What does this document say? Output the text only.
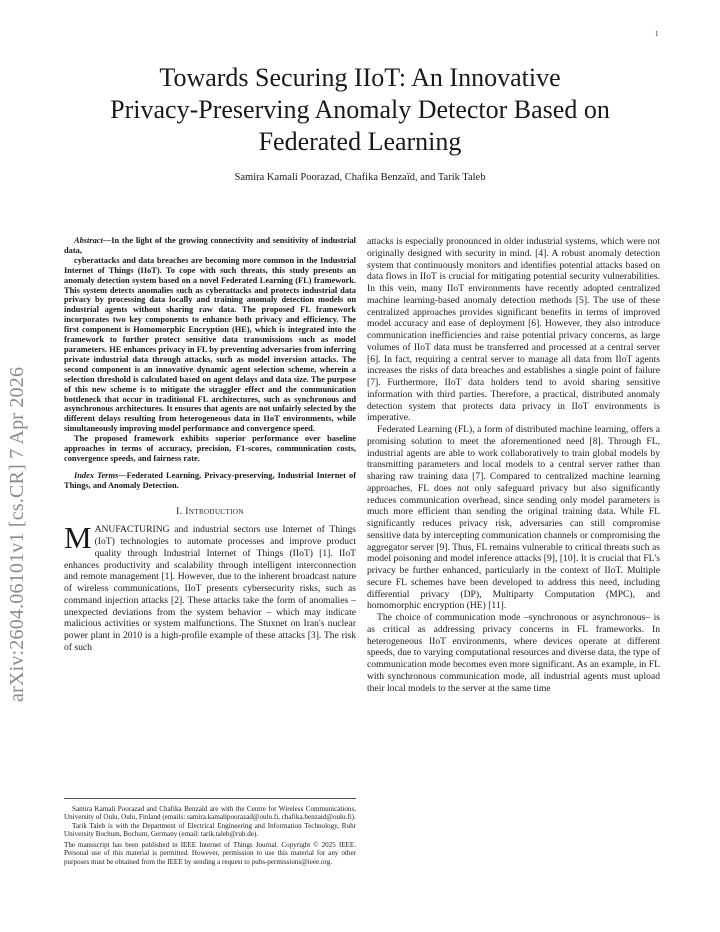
1
arXiv:2604.06101v1 [cs.CR] 7 Apr 2026
Towards Securing IIoT: An Innovative
Privacy-Preserving Anomaly Detector Based on
Federated Learning
Samira Kamali Poorazad, Chafika Benzaïd, and Tarik Taleb

Abstract—In the light of the growing connectivity and sensitivity of industrial data,

cyberattacks and data breaches are becoming more common in the Industrial Internet of Things (IIoT). To cope with such threats, this study presents an anomaly detection system based on a novel Federated Learning (FL) framework. This system detects anomalies such as cyberattacks and protects industrial data privacy by processing data locally and training anomaly detection models on industrial agents without sharing raw data. The proposed FL framework incorporates two key components to enhance both privacy and efficiency. The first component is Homomorphic Encryption (HE), which is integrated into the framework to further protect sensitive data transmissions such as model parameters. HE enhances privacy in FL by preventing adversaries from inferring private industrial data through attacks, such as model inversion attacks. The second component is an innovative dynamic agent selection scheme, wherein a selection threshold is calculated based on agent delays and data size. The purpose of this new scheme is to mitigate the straggler effect and the communication bottleneck that occur in traditional FL architectures, such as synchronous and asynchronous architectures. It ensures that agents are not unfairly selected by the different delays resulting from heterogeneous data in IIoT environments, while simultaneously improving model performance and convergence speed.

The proposed framework exhibits superior performance over baseline approaches in terms of accuracy, precision, F1-scores, communication costs, convergence speeds, and fairness rate.

Index Terms—Federated Learning, Privacy-preserving, Industrial Internet of Things, and Anomaly Detection.
I. Introduction

MANUFACTURING and industrial sectors use Internet of Things (IoT) technologies to automate processes and improve product quality through Industrial Internet of Things (IIoT) [1]. IIoT enhances productivity and scalability through intelligent interconnection and remote management [1]. However, due to the inherent broadcast nature of wireless communications, IIoT presents cybersecurity risks, such as command injection attacks [2]. These attacks take the form of anomalies – unexpected deviations from the system behavior – which may indicate malicious activities or system malfunctions. The Stuxnet on Iran's nuclear power plant in 2010 is a high-profile example of these attacks [3]. The risk of such

Samira Kamali Poorazad and Chafika Benzaïd are with the Centre for Wireless Communications, University of Oulu, Oulu, Finland (emails: samira.kamalipoorazad@oulu.fi, chafika.benzaid@oulu.fi).

Tarik Taleb is with the Department of Electrical Engineering and Information Technology, Ruhr University Bochum, Bochum, Germany (email: tarik.taleb@rub.de).

The manuscript has been published in IEEE Internet of Things Journal. Copyright © 2025 IEEE. Personal use of this material is permitted. However, permission to use this material for any other purposes must be obtained from the IEEE by sending a request to pubs-permissions@ieee.org.

attacks is especially pronounced in older industrial systems, which were not originally designed with security in mind. [4]. A robust anomaly detection system that continuously monitors and identifies potential attacks based on data flows in IIoT is crucial for mitigating potential security vulnerabilities. In this vein, many IIoT environments have recently adopted centralized machine learning-based anomaly detection methods [5]. The use of these centralized approaches provides significant benefits in terms of improved model accuracy and ease of deployment [6]. However, they also introduce communication inefficiencies and raise potential privacy concerns, as large volumes of IIoT data must be transferred and processed at a central server [6]. In fact, requiring a central server to manage all data from IIoT agents increases the risks of data breaches and establishes a single point of failure [7]. Furthermore, IIoT data holders tend to avoid sharing sensitive information with third parties. Therefore, a practical, distributed anomaly detection system that protects data privacy in IIoT environments is imperative.

Federated Learning (FL), a form of distributed machine learning, offers a promising solution to meet the aforementioned need [8]. Through FL, industrial agents are able to work collaboratively to train global models by transmitting parameters and local models to a central server rather than sharing raw training data [7]. Compared to centralized machine learning approaches, FL does not only safeguard privacy but also significantly reduces communication overhead, since sending only model parameters is much more efficient than sending the original training data. While FL significantly reduces privacy risk, adversaries can still compromise sensitive data by intercepting communication channels or compromising the aggregator server [9]. Thus, FL remains vulnerable to critical threats such as model poisoning and model inference attacks [9], [10]. It is crucial that FL's privacy be further enhanced, particularly in the context of IIoT. Multiple secure FL schemes have been developed to address this need, including differential privacy (DP), Multiparty Computation (MPC), and homomorphic encryption (HE) [11].

The choice of communication mode –synchronous or asynchronous– is as critical as addressing privacy concerns in FL frameworks. In heterogeneous IIoT environments, where devices operate at different speeds, due to varying computational resources and diverse data, the type of communication mode becomes even more significant. As an example, in FL with synchronous communication mode, all industrial agents must upload their local models to the server at the same time
